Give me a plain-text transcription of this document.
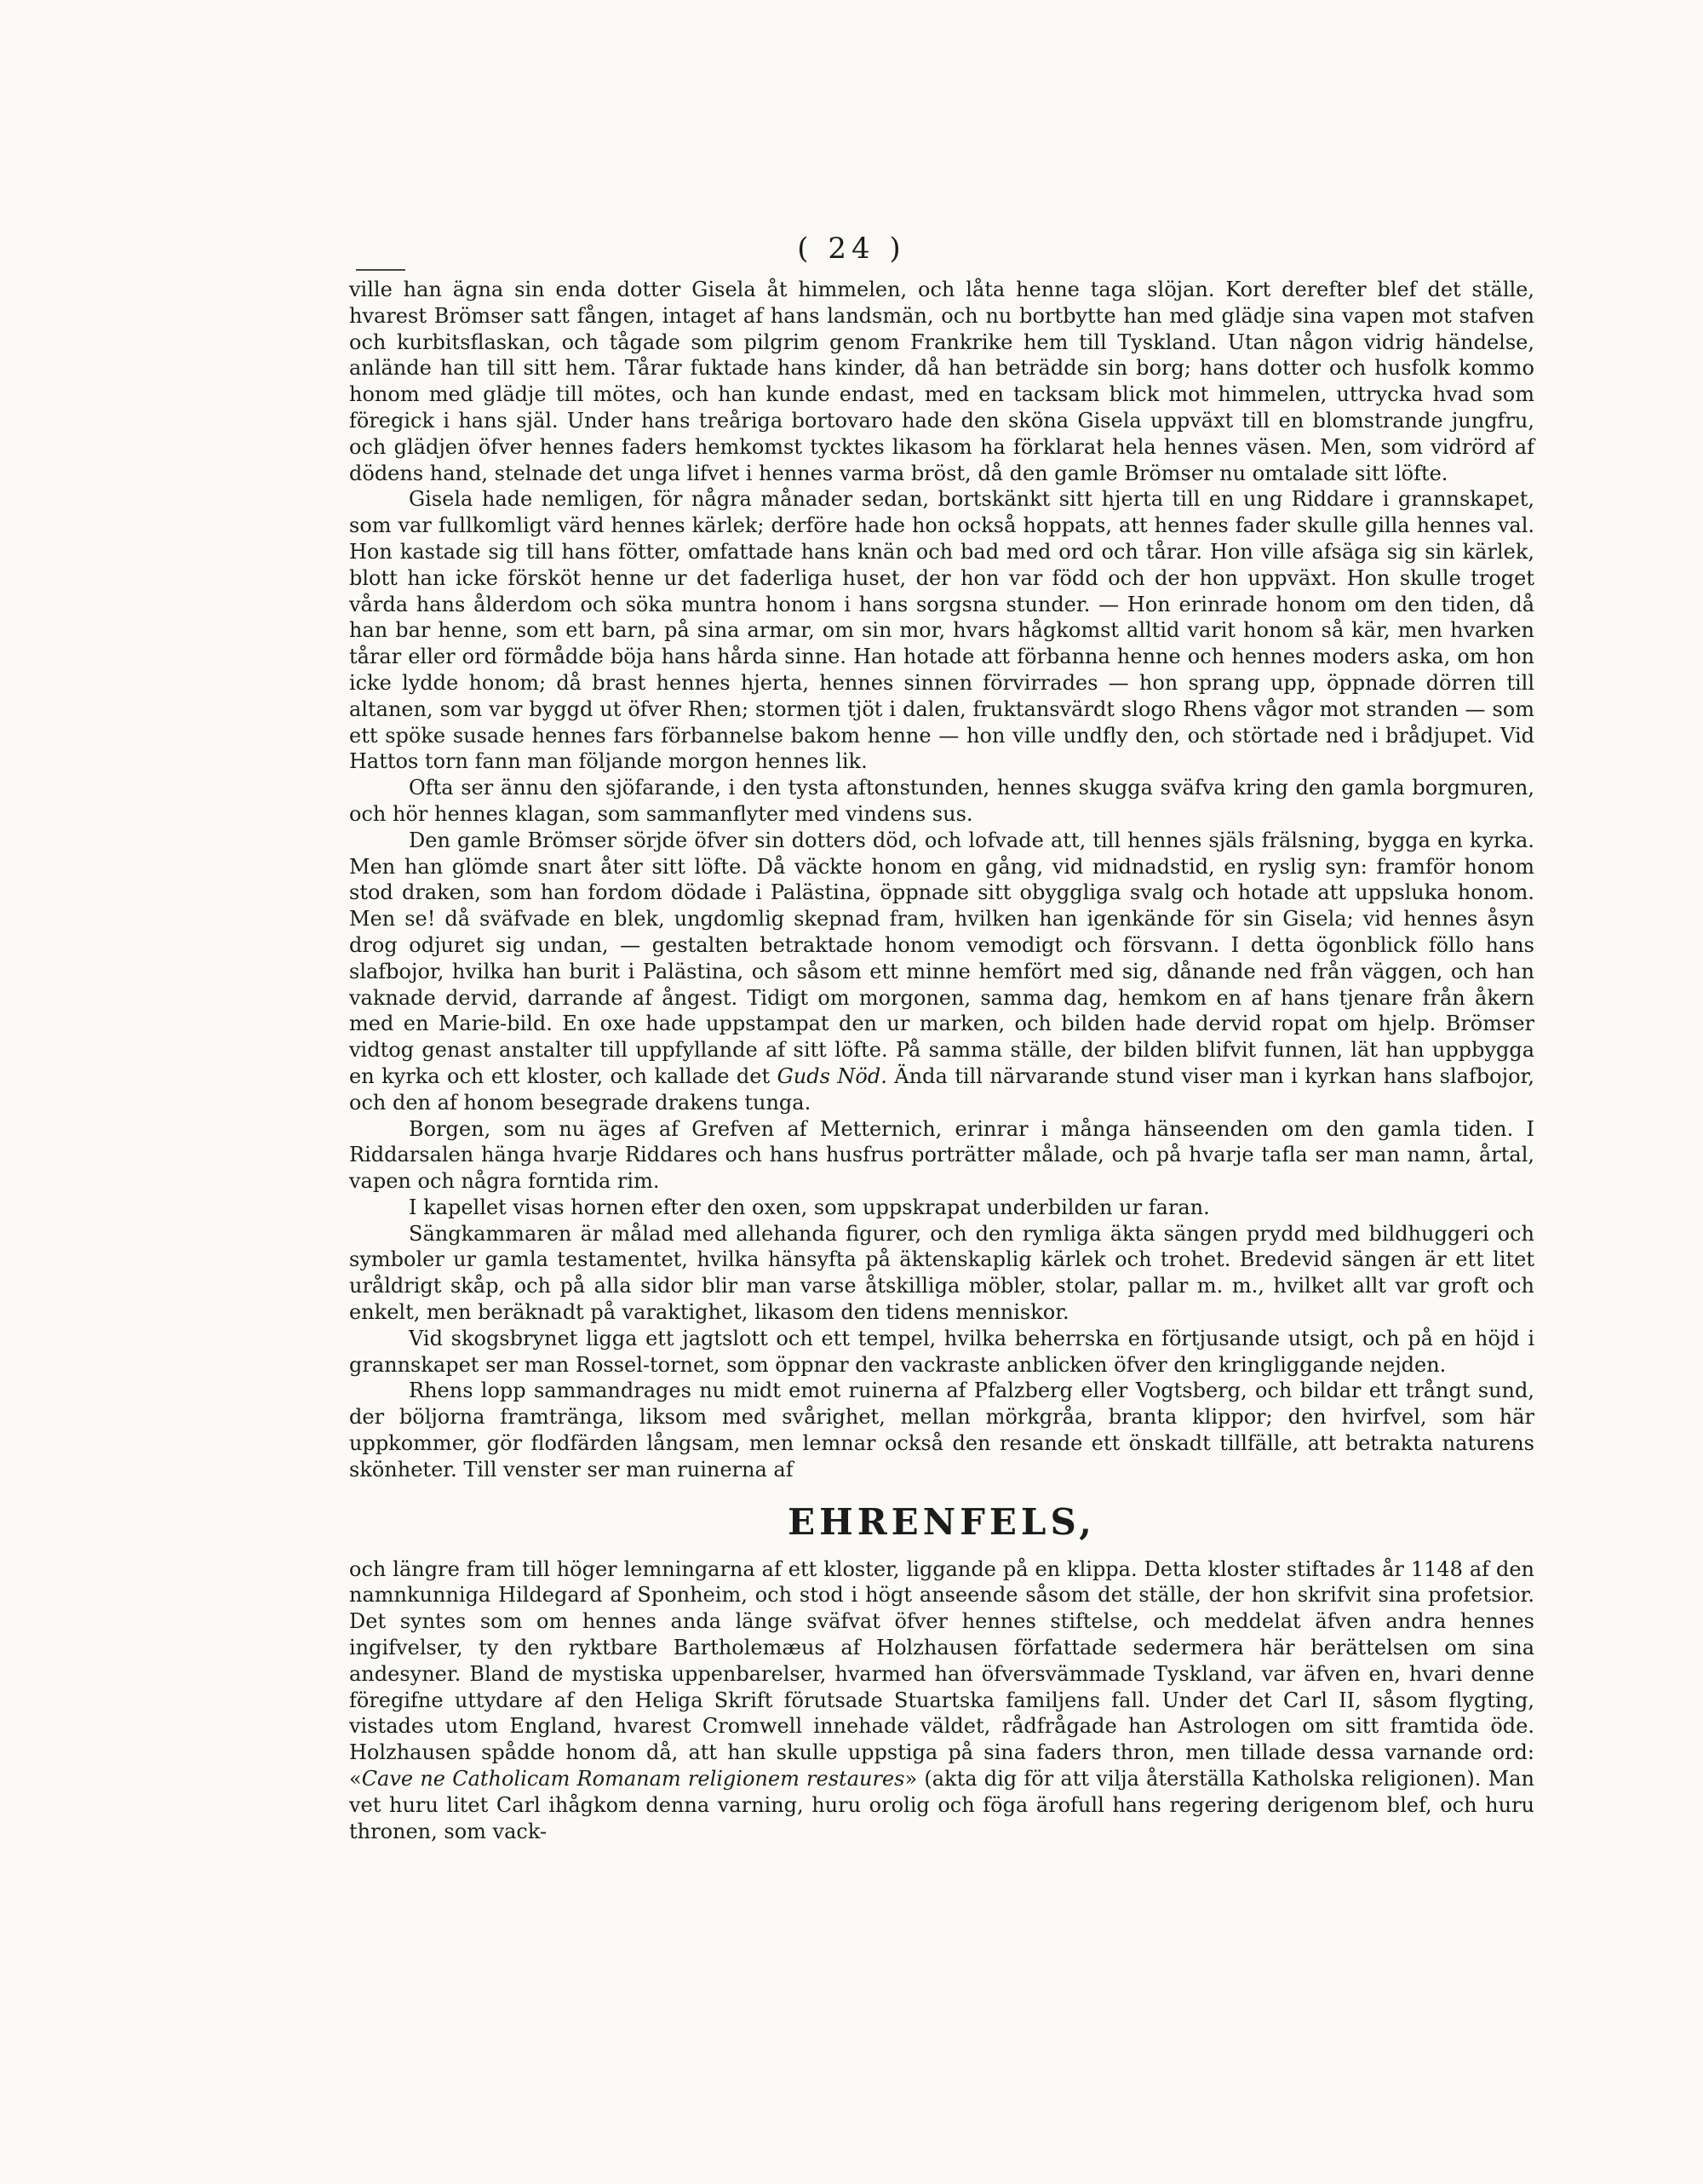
( 24 )

ville han ägna sin enda dotter Gisela åt himmelen, och låta henne taga slöjan. Kort derefter blef det ställe, hvarest Brömser satt fången, intaget af hans landsmän, och nu bortbytte han med glädje sina vapen mot stafven och kurbitsflaskan, och tågade som pilgrim genom Frankrike hem till Tyskland. Utan någon vidrig händelse, anlände han till sitt hem. Tårar fuktade hans kinder, då han beträdde sin borg; hans dotter och husfolk kommo honom med glädje till mötes, och han kunde endast, med en tacksam blick mot himmelen, uttrycka hvad som föregick i hans själ. Under hans treåriga bortovaro hade den sköna Gisela uppväxt till en blomstrande jungfru, och glädjen öfver hennes faders hemkomst tycktes likasom ha förklarat hela hennes väsen. Men, som vidrörd af dödens hand, stelnade det unga lifvet i hennes varma bröst, då den gamle Brömser nu omtalade sitt löfte.

Gisela hade nemligen, för några månader sedan, bortskänkt sitt hjerta till en ung Riddare i grannskapet, som var fullkomligt värd hennes kärlek; derföre hade hon också hoppats, att hennes fader skulle gilla hennes val. Hon kastade sig till hans fötter, omfattade hans knän och bad med ord och tårar. Hon ville afsäga sig sin kärlek, blott han icke försköt henne ur det faderliga huset, der hon var född och der hon uppväxt. Hon skulle troget vårda hans ålderdom och söka muntra honom i hans sorgsna stunder. — Hon erinrade honom om den tiden, då han bar henne, som ett barn, på sina armar, om sin mor, hvars hågkomst alltid varit honom så kär, men hvarken tårar eller ord förmådde böja hans hårda sinne. Han hotade att förbanna henne och hennes moders aska, om hon icke lydde honom; då brast hennes hjerta, hennes sinnen förvirrades — hon sprang upp, öppnade dörren till altanen, som var byggd ut öfver Rhen; stormen tjöt i dalen, fruktansvärdt slogo Rhens vågor mot stranden — som ett spöke susade hennes fars förbannelse bakom henne — hon ville undfly den, och störtade ned i brådjupet. Vid Hattos torn fann man följande morgon hennes lik.

Ofta ser ännu den sjöfarande, i den tysta aftonstunden, hennes skugga sväfva kring den gamla borgmuren, och hör hennes klagan, som sammanflyter med vindens sus.

Den gamle Brömser sörjde öfver sin dotters död, och lofvade att, till hennes själs frälsning, bygga en kyrka. Men han glömde snart åter sitt löfte. Då väckte honom en gång, vid midnadstid, en ryslig syn: framför honom stod draken, som han fordom dödade i Palästina, öppnade sitt obyggliga svalg och hotade att uppsluka honom. Men se! då sväfvade en blek, ungdomlig skepnad fram, hvilken han igenkände för sin Gisela; vid hennes åsyn drog odjuret sig undan, — gestalten betraktade honom vemodigt och försvann. I detta ögonblick föllo hans slafbojor, hvilka han burit i Palästina, och såsom ett minne hemfört med sig, dånande ned från väggen, och han vaknade dervid, darrande af ångest. Tidigt om morgonen, samma dag, hemkom en af hans tjenare från åkern med en Marie-bild. En oxe hade uppstampat den ur marken, och bilden hade dervid ropat om hjelp. Brömser vidtog genast anstalter till uppfyllande af sitt löfte. På samma ställe, der bilden blifvit funnen, lät han uppbygga en kyrka och ett kloster, och kallade det Guds Nöd. Ända till närvarande stund viser man i kyrkan hans slafbojor, och den af honom besegrade drakens tunga.

Borgen, som nu äges af Grefven af Metternich, erinrar i många hänseenden om den gamla tiden. I Riddarsalen hänga hvarje Riddares och hans husfrus porträtter målade, och på hvarje tafla ser man namn, årtal, vapen och några forntida rim.

I kapellet visas hornen efter den oxen, som uppskrapat underbilden ur faran.

Sängkammaren är målad med allehanda figurer, och den rymliga äkta sängen prydd med bildhuggeri och symboler ur gamla testamentet, hvilka hänsyfta på äktenskaplig kärlek och trohet. Bredevid sängen är ett litet uråldrigt skåp, och på alla sidor blir man varse åtskilliga möbler, stolar, pallar m. m., hvilket allt var groft och enkelt, men beräknadt på varaktighet, likasom den tidens menniskor.

Vid skogsbrynet ligga ett jagtslott och ett tempel, hvilka beherrska en förtjusande utsigt, och på en höjd i grannskapet ser man Rossel-tornet, som öppnar den vackraste anblicken öfver den kringliggande nejden.

Rhens lopp sammandrages nu midt emot ruinerna af Pfalzberg eller Vogtsberg, och bildar ett trångt sund, der böljorna framtränga, liksom med svårighet, mellan mörkgråa, branta klippor; den hvirfvel, som här uppkommer, gör flodfärden långsam, men lemnar också den resande ett önskadt tillfälle, att betrakta naturens skönheter. Till venster ser man ruinerna af

EHRENFELS,

och längre fram till höger lemningarna af ett kloster, liggande på en klippa. Detta kloster stiftades år 1148 af den namnkunniga Hildegard af Sponheim, och stod i högt anseende såsom det ställe, der hon skrifvit sina profetsior. Det syntes som om hennes anda länge sväfvat öfver hennes stiftelse, och meddelat äfven andra hennes ingifvelser, ty den ryktbare Bartholemæus af Holzhausen författade sedermera här berättelsen om sina andesyner. Bland de mystiska uppenbarelser, hvarmed han öfversvämmade Tyskland, var äfven en, hvari denne föregifne uttydare af den Heliga Skrift förutsade Stuartska familjens fall. Under det Carl II, såsom flygting, vistades utom England, hvarest Cromwell innehade väldet, rådfrågade han Astrologen om sitt framtida öde. Holzhausen spådde honom då, att han skulle uppstiga på sina faders thron, men tillade dessa varnande ord: «Cave ne Catholicam Romanam religionem restaures» (akta dig för att vilja återställa Katholska religionen). Man vet huru litet Carl ihågkom denna varning, huru orolig och föga ärofull hans regering derigenom blef, och huru thronen, som vack-
